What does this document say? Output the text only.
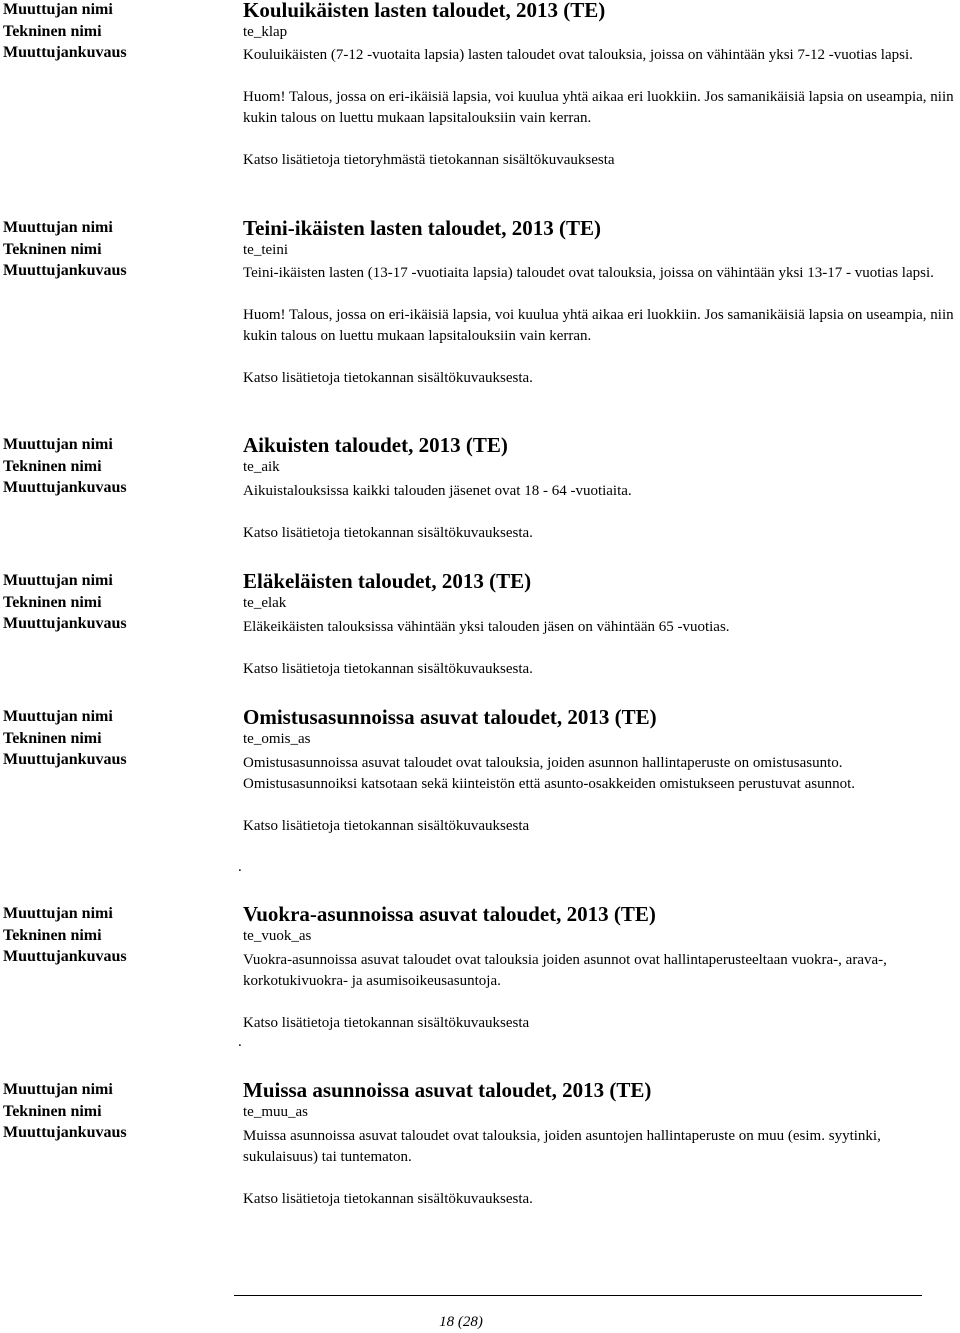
Muuttujan nimi
Tekninen nimi
Muuttujankuvaus
Kouluikäisten lasten taloudet, 2013 (TE)
te_klap

Kouluikäisten (7-12 -vuotaita lapsia) lasten taloudet ovat talouksia, joissa on vähintään yksi 7-12 -vuotias lapsi.

Huom! Talous, jossa on eri-ikäisiä lapsia, voi kuulua yhtä aikaa eri luokkiin. Jos samanikäisiä lapsia on useampia, niin kukin talous on luettu mukaan lapsitalouksiin vain kerran.

Katso lisätietoja tietoryhmästä tietokannan sisältökuvauksesta

Muuttujan nimi
Tekninen nimi
Muuttujankuvaus
Teini-ikäisten lasten taloudet, 2013 (TE)
te_teini

Teini-ikäisten lasten (13-17 -vuotiaita lapsia) taloudet ovat talouksia, joissa on vähintään yksi 13-17 - vuotias lapsi.

Huom! Talous, jossa on eri-ikäisiä lapsia, voi kuulua yhtä aikaa eri luokkiin. Jos samanikäisiä lapsia on useampia, niin kukin talous on luettu mukaan lapsitalouksiin vain kerran.

Katso lisätietoja tietokannan sisältökuvauksesta.

Muuttujan nimi
Tekninen nimi
Muuttujankuvaus
Aikuisten taloudet, 2013 (TE)
te_aik

Aikuistalouksissa kaikki talouden jäsenet ovat 18 - 64 -vuotiaita.

Katso lisätietoja tietokannan sisältökuvauksesta.

Muuttujan nimi
Tekninen nimi
Muuttujankuvaus
Eläkeläisten taloudet, 2013 (TE)
te_elak

Eläkeikäisten talouksissa vähintään yksi talouden jäsen on vähintään 65 -vuotias.

Katso lisätietoja tietokannan sisältökuvauksesta.

Muuttujan nimi
Tekninen nimi
Muuttujankuvaus
Omistusasunnoissa asuvat taloudet, 2013 (TE)
te_omis_as

Omistusasunnoissa asuvat taloudet ovat talouksia, joiden asunnon hallintaperuste on omistusasunto. Omistusasunnoiksi katsotaan sekä kiinteistön että asunto-osakkeiden omistukseen perustuvat asunnot.

Katso lisätietoja tietokannan sisältökuvauksesta

.
Muuttujan nimi
Tekninen nimi
Muuttujankuvaus
Vuokra-asunnoissa asuvat taloudet, 2013 (TE)
te_vuok_as

Vuokra-asunnoissa asuvat taloudet ovat talouksia joiden asunnot ovat hallintaperusteeltaan vuokra-, arava-, korkotukivuokra- ja asumisoikeusasuntoja.

Katso lisätietoja tietokannan sisältökuvauksesta

.
Muuttujan nimi
Tekninen nimi
Muuttujankuvaus
Muissa asunnoissa asuvat taloudet, 2013 (TE)
te_muu_as

Muissa asunnoissa asuvat taloudet ovat talouksia, joiden asuntojen hallintaperuste on muu (esim. syytinki, sukulaisuus) tai tuntematon.

Katso lisätietoja tietokannan sisältökuvauksesta.

18 (28)
